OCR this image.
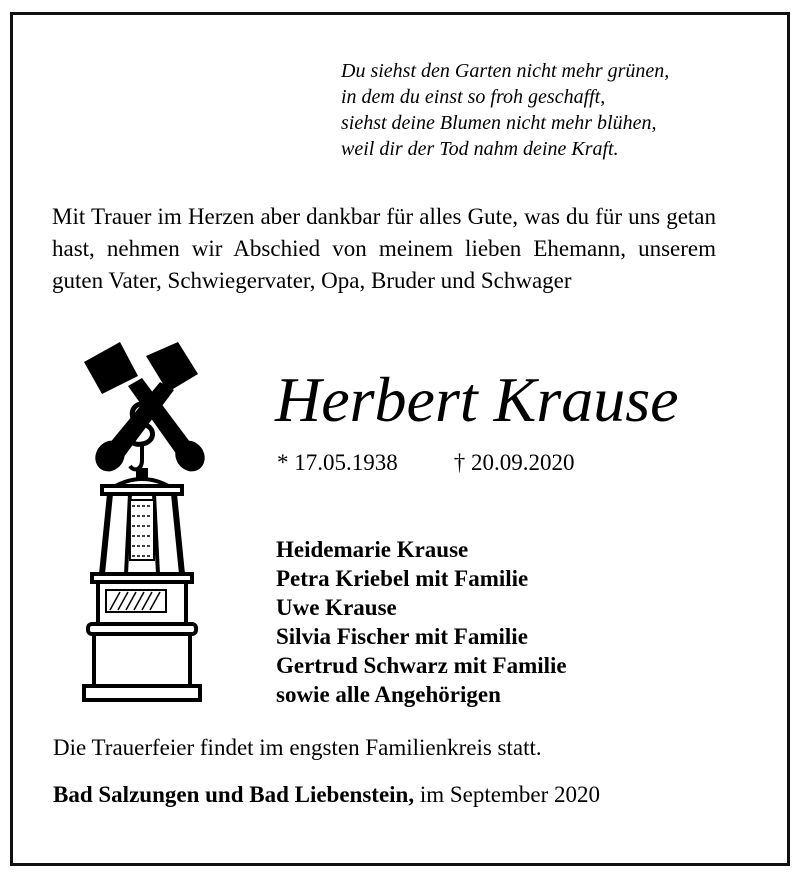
Du siehst den Garten nicht mehr grünen,
in dem du einst so froh geschafft,
siehst deine Blumen nicht mehr blühen,
weil dir der Tod nahm deine Kraft.
Mit Trauer im Herzen aber dankbar für alles Gute, was du für uns getan hast, nehmen wir Abschied von meinem lieben Ehemann, unserem guten Vater, Schwiegervater, Opa, Bruder und Schwager
Herbert Krause
* 17.05.1938 † 20.09.2020
Heidemarie Krause
Petra Kriebel mit Familie
Uwe Krause
Silvia Fischer mit Familie
Gertrud Schwarz mit Familie
sowie alle Angehörigen
Die Trauerfeier findet im engsten Familienkreis statt.
Bad Salzungen und Bad Liebenstein, im September 2020
